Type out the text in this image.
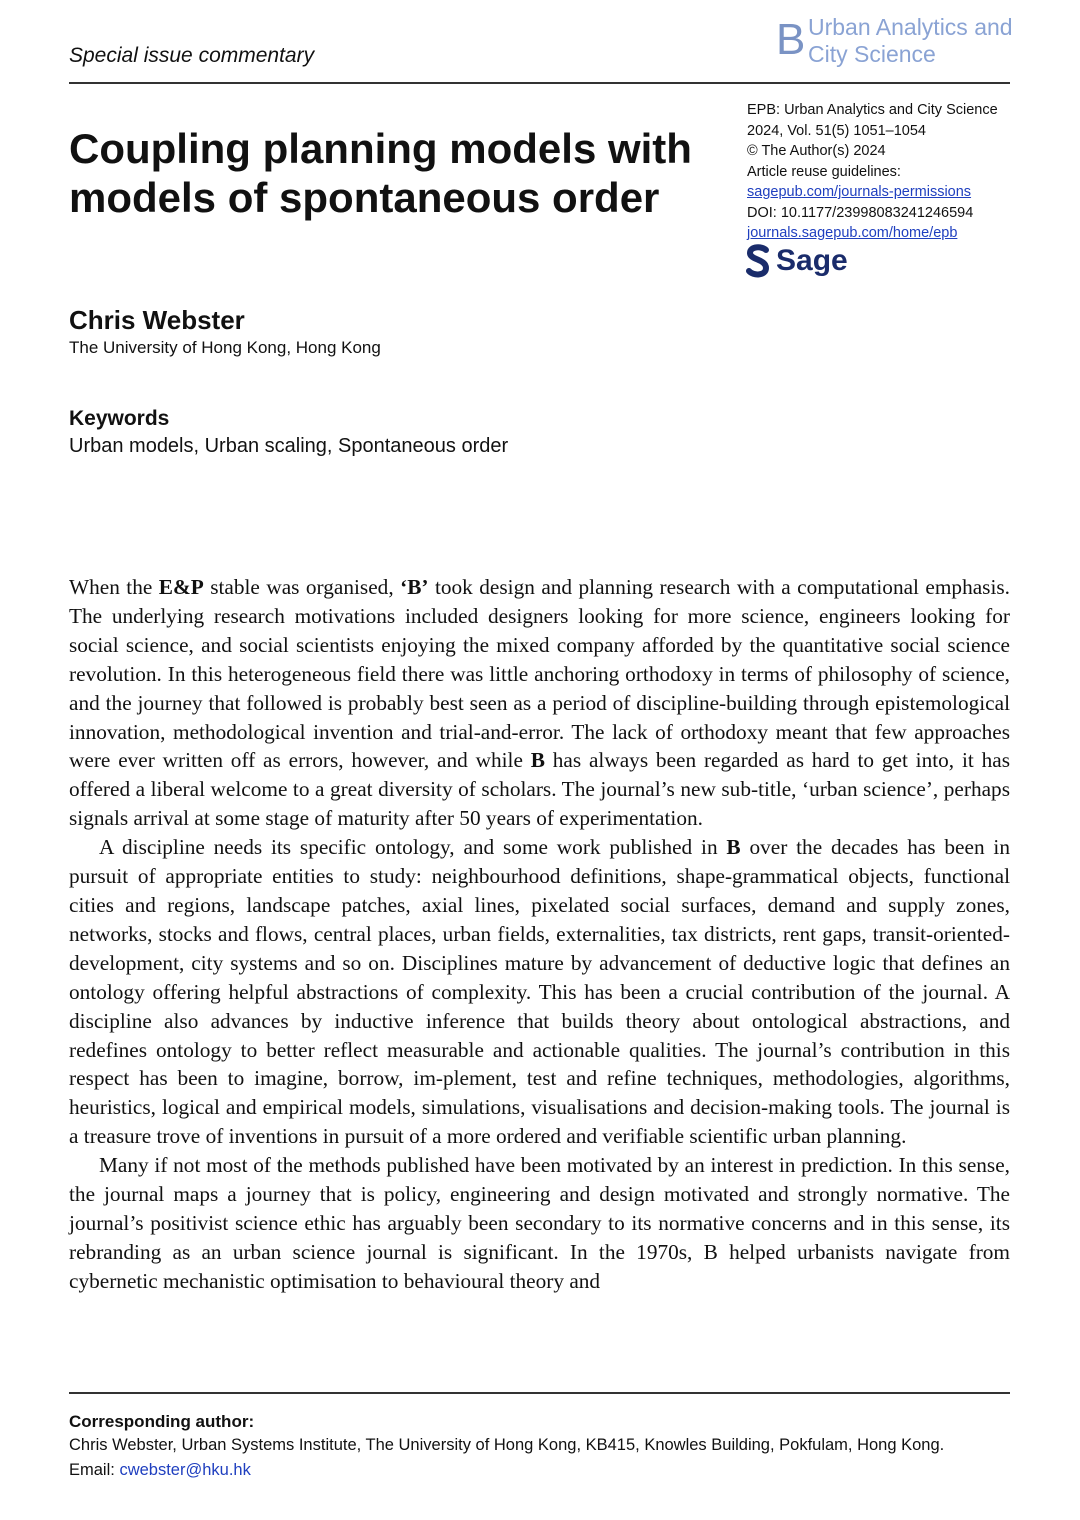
Special issue commentary	B Urban Analytics and
City Science
Coupling planning models with models of spontaneous order
EPB: Urban Analytics and City Science
2024, Vol. 51(5) 1051–1054
© The Author(s) 2024
Article reuse guidelines:
sagepub.com/journals-permissions
DOI: 10.1177/23998083241246594
journals.sagepub.com/home/epb
Sage
Chris Webster
The University of Hong Kong, Hong Kong
Keywords
Urban models, Urban scaling, Spontaneous order

When the E&P stable was organised, ‘B’ took design and planning research with a computational emphasis. The underlying research motivations included designers looking for more science, engineers looking for social science, and social scientists enjoying the mixed company afforded by the quantitative social science revolution. In this heterogeneous field there was little anchoring orthodoxy in terms of philosophy of science, and the journey that followed is probably best seen as a period of discipline-building through epistemological innovation, methodological invention and trial-and-error. The lack of orthodoxy meant that few approaches were ever written off as errors, however, and while B has always been regarded as hard to get into, it has offered a liberal welcome to a great diversity of scholars. The journal’s new sub-title, ‘urban science’, perhaps signals arrival at some stage of maturity after 50 years of experimentation.

A discipline needs its specific ontology, and some work published in B over the decades has been in pursuit of appropriate entities to study: neighbourhood definitions, shape-grammatical objects, functional cities and regions, landscape patches, axial lines, pixelated social surfaces, demand and supply zones, networks, stocks and flows, central places, urban fields, externalities, tax districts, rent gaps, transit-oriented-development, city systems and so on. Disciplines mature by advancement of deductive logic that defines an ontology offering helpful abstractions of complexity. This has been a crucial contribution of the journal. A discipline also advances by inductive inference that builds theory about ontological abstractions, and redefines ontology to better reflect measurable and actionable qualities. The journal’s contribution in this respect has been to imagine, borrow, im-plement, test and refine techniques, methodologies, algorithms, heuristics, logical and empirical models, simulations, visualisations and decision-making tools. The journal is a treasure trove of inventions in pursuit of a more ordered and verifiable scientific urban planning.

Many if not most of the methods published have been motivated by an interest in prediction. In this sense, the journal maps a journey that is policy, engineering and design motivated and strongly normative. The journal’s positivist science ethic has arguably been secondary to its normative concerns and in this sense, its rebranding as an urban science journal is significant. In the 1970s, B helped urbanists navigate from cybernetic mechanistic optimisation to behavioural theory and

Corresponding author:
Chris Webster, Urban Systems Institute, The University of Hong Kong, KB415, Knowles Building, Pokfulam, Hong Kong.
Email: cwebster@hku.hk
